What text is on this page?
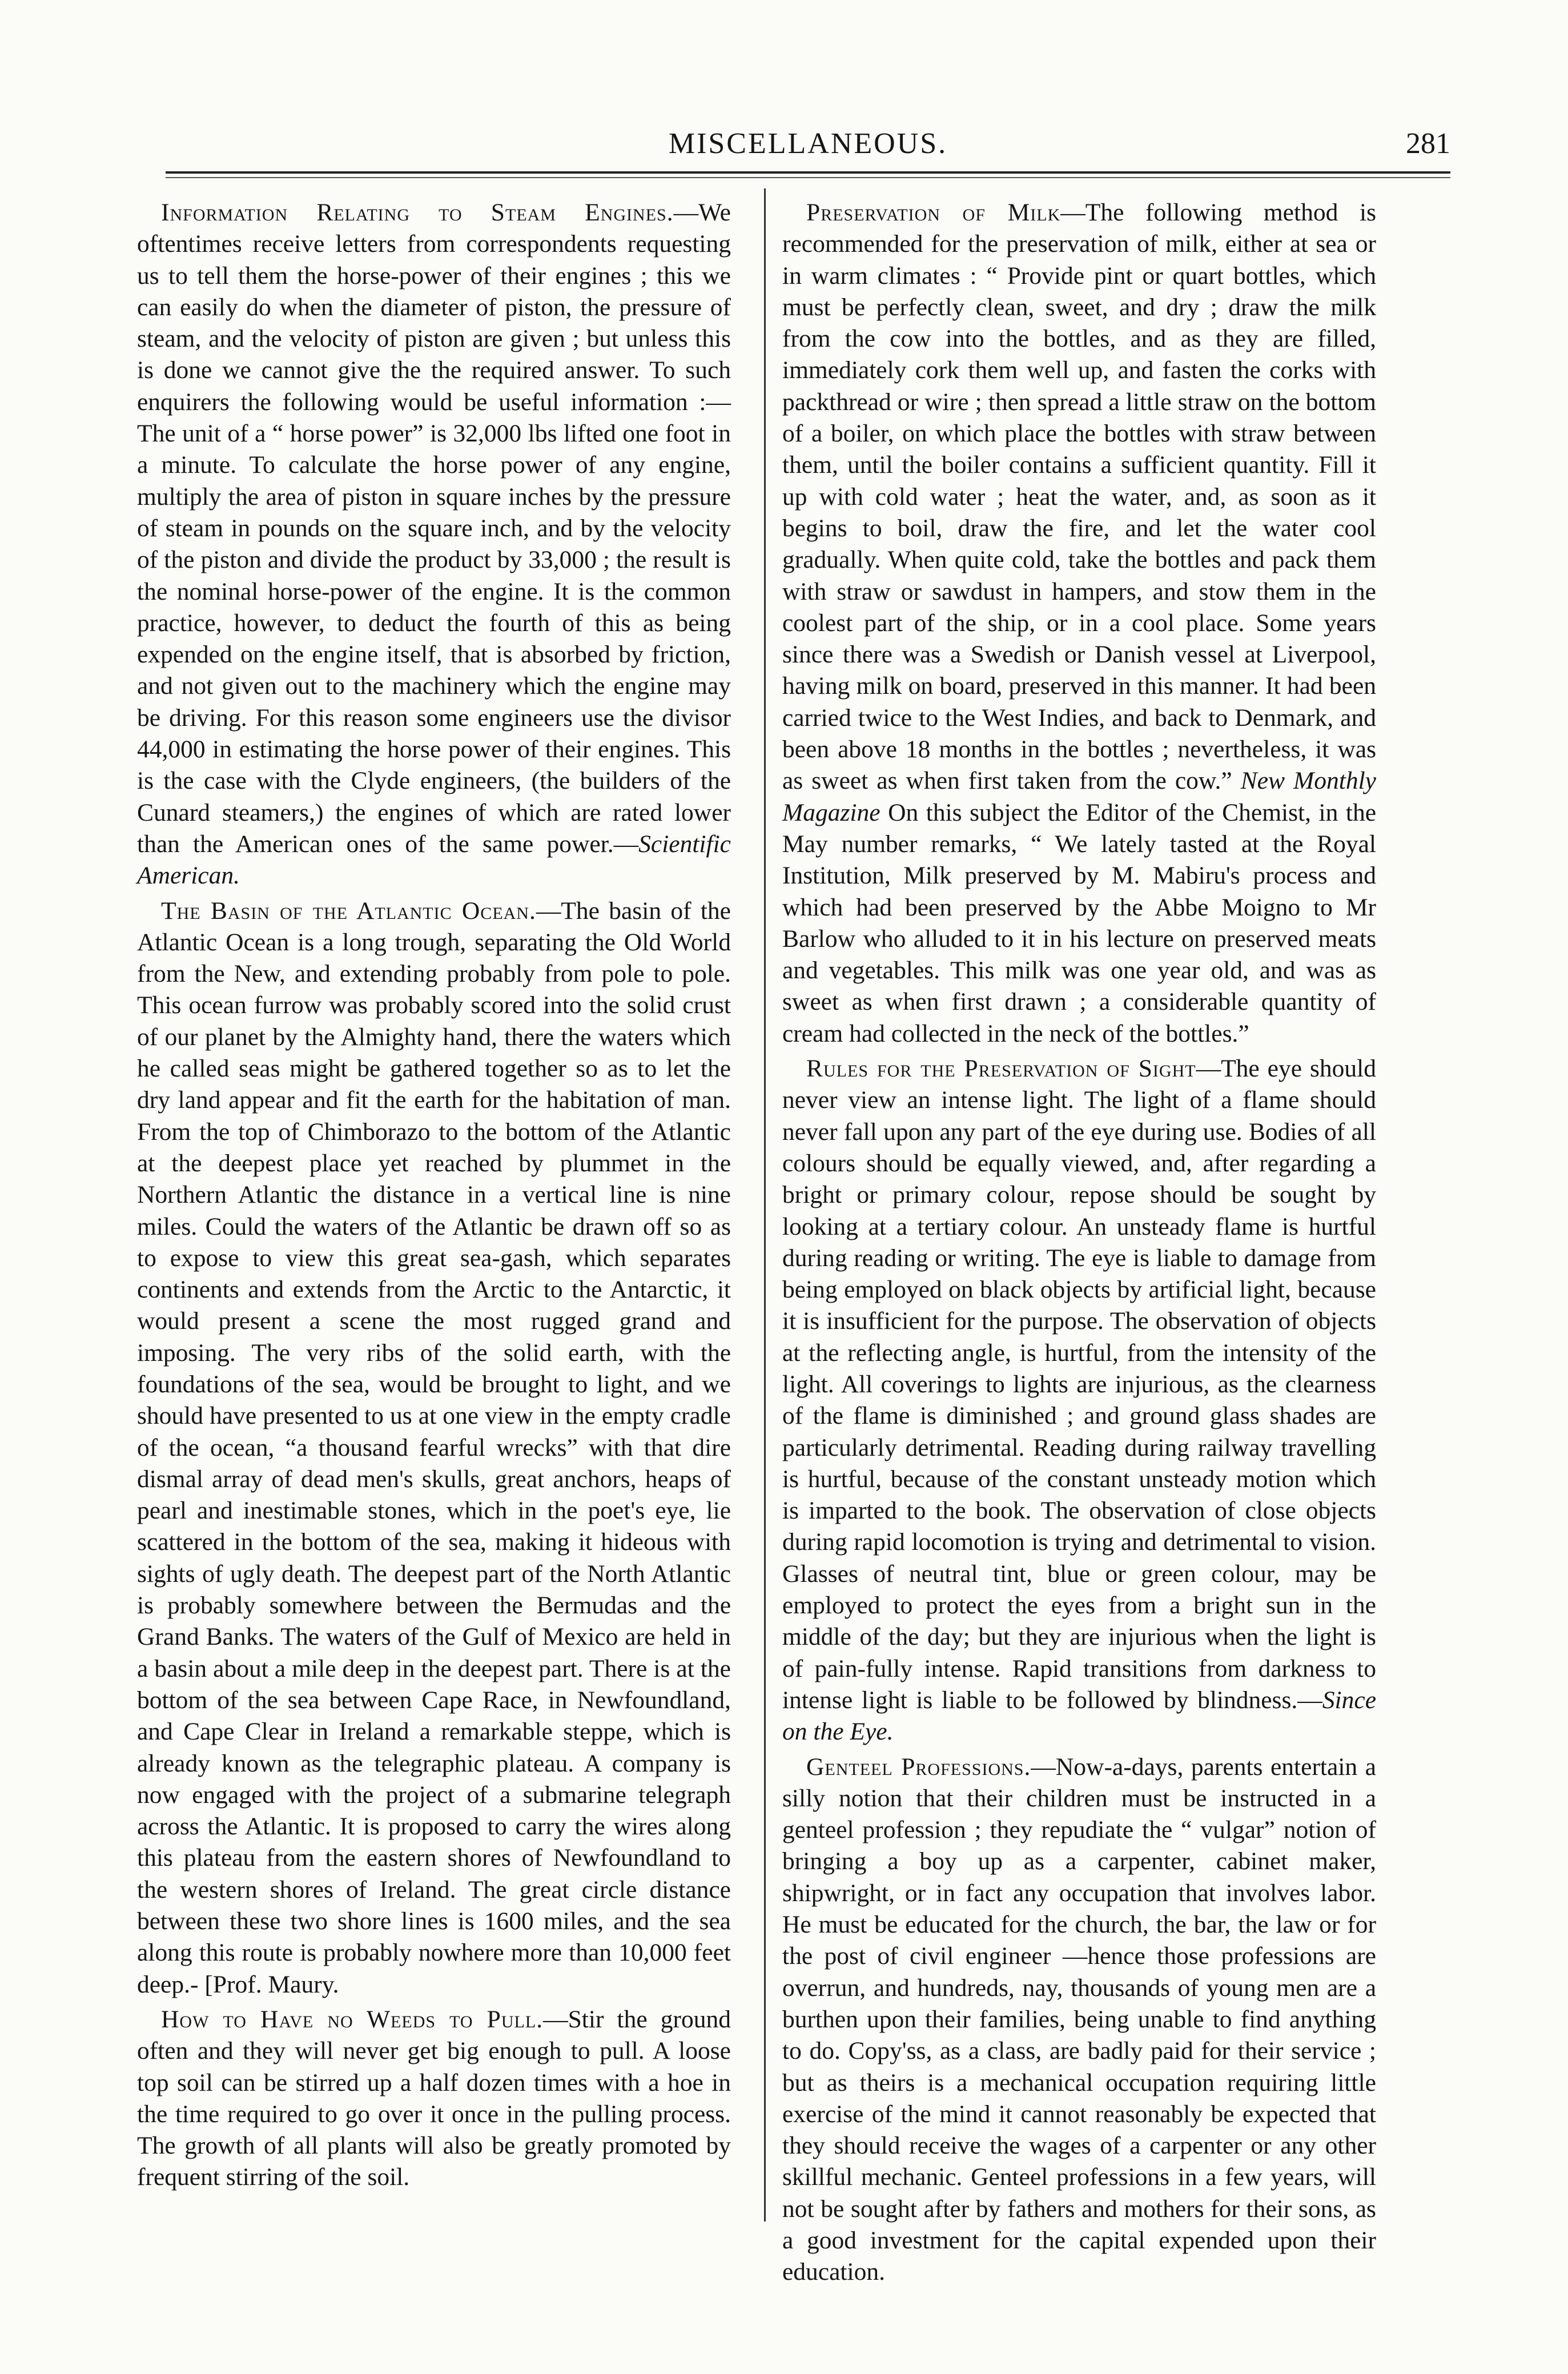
MISCELLANEOUS.	281

Information Relating to Steam Engines.—We oftentimes receive letters from correspondents requesting us to tell them the horse-power of their engines ; this we can easily do when the diameter of piston, the pressure of steam, and the velocity of piston are given ; but unless this is done we cannot give the the required answer. To such enquirers the following would be useful information :—The unit of a “ horse power” is 32,000 lbs lifted one foot in a minute. To calculate the horse power of any engine, multiply the area of piston in square inches by the pressure of steam in pounds on the square inch, and by the velocity of the piston and divide the product by 33,000 ; the result is the nominal horse-power of the engine. It is the common practice, however, to deduct the fourth of this as being expended on the engine itself, that is absorbed by friction, and not given out to the machinery which the engine may be driving. For this reason some engineers use the divisor 44,000 in estimating the horse power of their engines. This is the case with the Clyde engineers, (the builders of the Cunard steamers,) the engines of which are rated lower than the American ones of the same power.—Scientific American.

The Basin of the Atlantic Ocean.—The basin of the Atlantic Ocean is a long trough, separating the Old World from the New, and extending probably from pole to pole. This ocean furrow was probably scored into the solid crust of our planet by the Almighty hand, there the waters which he called seas might be gathered together so as to let the dry land appear and fit the earth for the habitation of man. From the top of Chimborazo to the bottom of the Atlantic at the deepest place yet reached by plummet in the Northern Atlantic the distance in a vertical line is nine miles. Could the waters of the Atlantic be drawn off so as to expose to view this great sea-gash, which separates continents and extends from the Arctic to the Antarctic, it would present a scene the most rugged grand and imposing. The very ribs of the solid earth, with the foundations of the sea, would be brought to light, and we should have presented to us at one view in the empty cradle of the ocean, “a thousand fearful wrecks” with that dire dismal array of dead men's skulls, great anchors, heaps of pearl and inestimable stones, which in the poet's eye, lie scattered in the bottom of the sea, making it hideous with sights of ugly death. The deepest part of the North Atlantic is probably somewhere between the Bermudas and the Grand Banks. The waters of the Gulf of Mexico are held in a basin about a mile deep in the deepest part. There is at the bottom of the sea between Cape Race, in Newfoundland, and Cape Clear in Ireland a remarkable steppe, which is already known as the telegraphic plateau. A company is now engaged with the project of a submarine telegraph across the Atlantic. It is proposed to carry the wires along this plateau from the eastern shores of Newfoundland to the western shores of Ireland. The great circle distance between these two shore lines is 1600 miles, and the sea along this route is probably nowhere more than 10,000 feet deep.- [Prof. Maury.

How to Have no Weeds to Pull.—Stir the ground often and they will never get big enough to pull. A loose top soil can be stirred up a half dozen times with a hoe in the time required to go over it once in the pulling process. The growth of all plants will also be greatly promoted by frequent stirring of the soil.

Preservation of Milk—The following method is recommended for the preservation of milk, either at sea or in warm climates : “ Provide pint or quart bottles, which must be perfectly clean, sweet, and dry ; draw the milk from the cow into the bottles, and as they are filled, immediately cork them well up, and fasten the corks with packthread or wire ; then spread a little straw on the bottom of a boiler, on which place the bottles with straw between them, until the boiler contains a sufficient quantity. Fill it up with cold water ; heat the water, and, as soon as it begins to boil, draw the fire, and let the water cool gradually. When quite cold, take the bottles and pack them with straw or sawdust in hampers, and stow them in the coolest part of the ship, or in a cool place. Some years since there was a Swedish or Danish vessel at Liverpool, having milk on board, preserved in this manner. It had been carried twice to the West Indies, and back to Denmark, and been above 18 months in the bottles ; nevertheless, it was as sweet as when first taken from the cow.” New Monthly Magazine On this subject the Editor of the Chemist, in the May number remarks, “ We lately tasted at the Royal Institution, Milk preserved by M. Mabiru's process and which had been preserved by the Abbe Moigno to Mr Barlow who alluded to it in his lecture on preserved meats and vegetables. This milk was one year old, and was as sweet as when first drawn ; a considerable quantity of cream had collected in the neck of the bottles.”

Rules for the Preservation of Sight—The eye should never view an intense light. The light of a flame should never fall upon any part of the eye during use. Bodies of all colours should be equally viewed, and, after regarding a bright or primary colour, repose should be sought by looking at a tertiary colour. An unsteady flame is hurtful during reading or writing. The eye is liable to damage from being employed on black objects by artificial light, because it is insufficient for the purpose. The observation of objects at the reflecting angle, is hurtful, from the intensity of the light. All coverings to lights are injurious, as the clearness of the flame is diminished ; and ground glass shades are particularly detrimental. Reading during railway travelling is hurtful, because of the constant unsteady motion which is imparted to the book. The observation of close objects during rapid locomotion is trying and detrimental to vision. Glasses of neutral tint, blue or green colour, may be employed to protect the eyes from a bright sun in the middle of the day; but they are injurious when the light is of pain-fully intense. Rapid transitions from darkness to intense light is liable to be followed by blindness.—Since on the Eye.

Genteel Professions.—Now-a-days, parents entertain a silly notion that their children must be instructed in a genteel profession ; they repudiate the “ vulgar” notion of bringing a boy up as a carpenter, cabinet maker, shipwright, or in fact any occupation that involves labor. He must be educated for the church, the bar, the law or for the post of civil engineer —hence those professions are overrun, and hundreds, nay, thousands of young men are a burthen upon their families, being unable to find anything to do. Copy'ss, as a class, are badly paid for their service ; but as theirs is a mechanical occupation requiring little exercise of the mind it cannot reasonably be expected that they should receive the wages of a carpenter or any other skillful mechanic. Genteel professions in a few years, will not be sought after by fathers and mothers for their sons, as a good investment for the capital expended upon their education.
